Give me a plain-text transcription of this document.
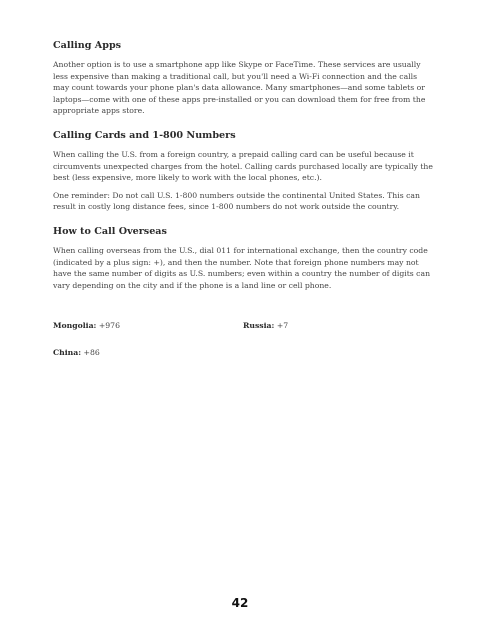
Calling Apps

Another option is to use a smartphone app like Skype or FaceTime. These services are usually less expensive than making a traditional call, but you'll need a Wi-Fi connection and the calls may count towards your phone plan's data allowance. Many smartphones—and some tablets or laptops—come with one of these apps pre-installed or you can download them for free from the appropriate apps store.

Calling Cards and 1-800 Numbers

When calling the U.S. from a foreign country, a prepaid calling card can be useful because it circumvents unexpected charges from the hotel. Calling cards purchased locally are typically the best (less expensive, more likely to work with the local phones, etc.).

One reminder: Do not call U.S. 1-800 numbers outside the continental United States. This can result in costly long distance fees, since 1-800 numbers do not work outside the country.

How to Call Overseas

When calling overseas from the U.S., dial 011 for international exchange, then the country code (indicated by a plus sign: +), and then the number. Note that foreign phone numbers may not have the same number of digits as U.S. numbers; even within a country the number of digits can vary depending on the city and if the phone is a land line or cell phone.

Mongolia: +976	Russia: +7
China: +86
42
